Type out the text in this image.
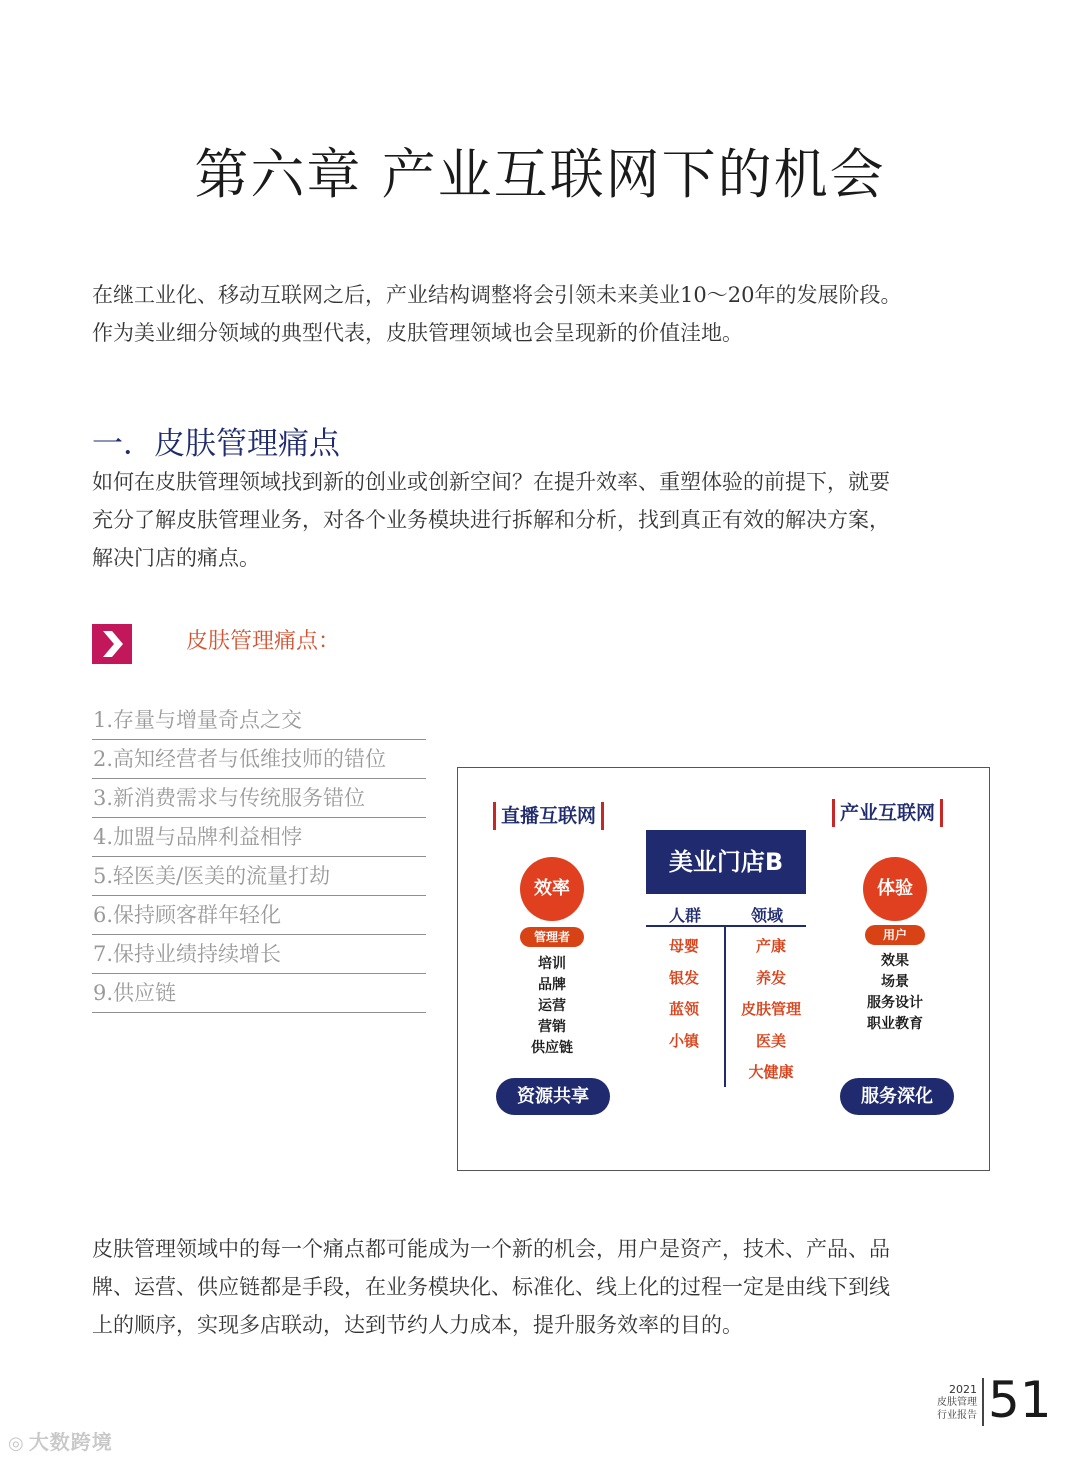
第六章 产业互联网下的机会
在继工业化、移动互联网之后，产业结构调整将会引领未来美业10～20年的发展阶段。
作为美业细分领域的典型代表，皮肤管理领域也会呈现新的价值洼地。
一．皮肤管理痛点
如何在皮肤管理领域找到新的创业或创新空间？在提升效率、重塑体验的前提下，就要
充分了解皮肤管理业务，对各个业务模块进行拆解和分析，找到真正有效的解决方案，
解决门店的痛点。
皮肤管理痛点：
1.存量与增量奇点之交
2.高知经营者与低维技师的错位
3.新消费需求与传统服务错位
4.加盟与品牌利益相悖
5.轻医美/医美的流量打劫
6.保持顾客群年轻化
7.保持业绩持续增长
9.供应链
直播互联网
效率
管理者
培训
品牌
运营
营销
供应链
资源共享
美业门店B
人群	领域
母婴
银发
蓝领
小镇
产康
养发
皮肤管理
医美
大健康
产业互联网
体验
用户
效果
场景
服务设计
职业教育
服务深化
皮肤管理领域中的每一个痛点都可能成为一个新的机会，用户是资产，技术、产品、品
牌、运营、供应链都是手段，在业务模块化、标准化、线上化的过程一定是由线下到线
上的顺序，实现多店联动，达到节约人力成本，提升服务效率的目的。
2021
皮肤管理
行业报告 51
◎ 大数跨境
